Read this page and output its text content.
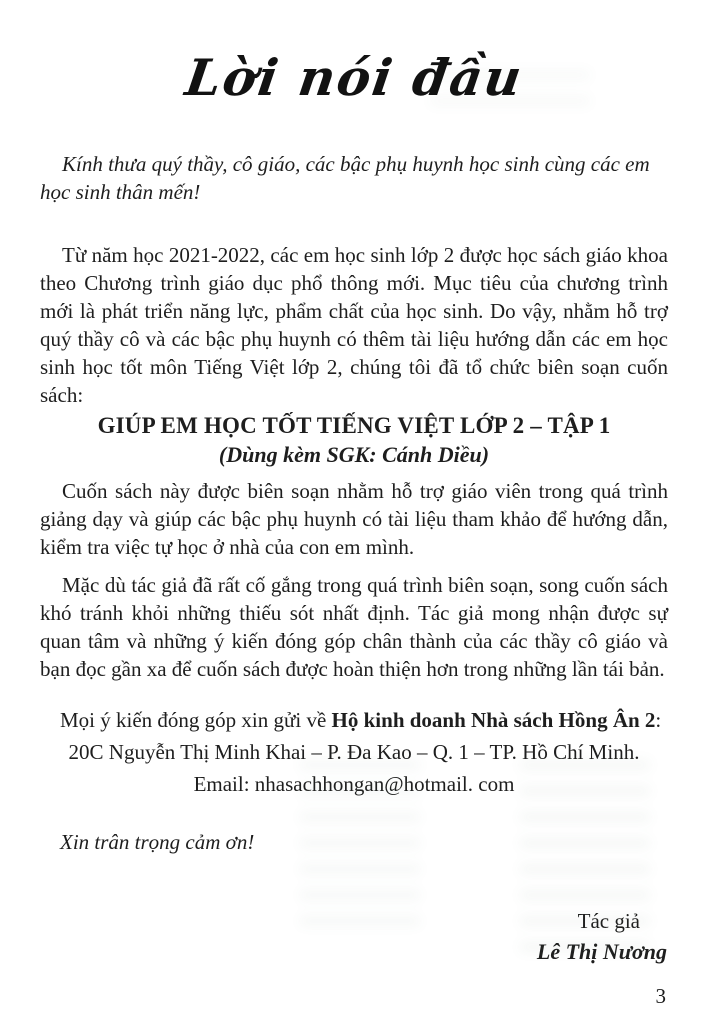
Lời nói đầu

Kính thưa quý thầy, cô giáo, các bậc phụ huynh học sinh cùng các em học sinh thân mến!

Từ năm học 2021-2022, các em học sinh lớp 2 được học sách giáo khoa theo Chương trình giáo dục phổ thông mới. Mục tiêu của chương trình mới là phát triển năng lực, phẩm chất của học sinh. Do vậy, nhằm hỗ trợ quý thầy cô và các bậc phụ huynh có thêm tài liệu hướng dẫn các em học sinh học tốt môn Tiếng Việt lớp 2, chúng tôi đã tổ chức biên soạn cuốn sách:

GIÚP EM HỌC TỐT TIẾNG VIỆT LỚP 2 – TẬP 1
(Dùng kèm SGK: Cánh Diều)

Cuốn sách này được biên soạn nhằm hỗ trợ giáo viên trong quá trình giảng dạy và giúp các bậc phụ huynh có tài liệu tham khảo để hướng dẫn, kiểm tra việc tự học ở nhà của con em mình.

Mặc dù tác giả đã rất cố gắng trong quá trình biên soạn, song cuốn sách khó tránh khỏi những thiếu sót nhất định. Tác giả mong nhận được sự quan tâm và những ý kiến đóng góp chân thành của các thầy cô giáo và bạn đọc gần xa để cuốn sách được hoàn thiện hơn trong những lần tái bản.

Mọi ý kiến đóng góp xin gửi về Hộ kinh doanh Nhà sách Hồng Ân 2:

20C Nguyễn Thị Minh Khai – P. Đa Kao – Q. 1 – TP. Hồ Chí Minh.

Email: nhasachhongan@hotmail. com

Xin trân trọng cảm ơn!

Tác giả

Lê Thị Nương

3
